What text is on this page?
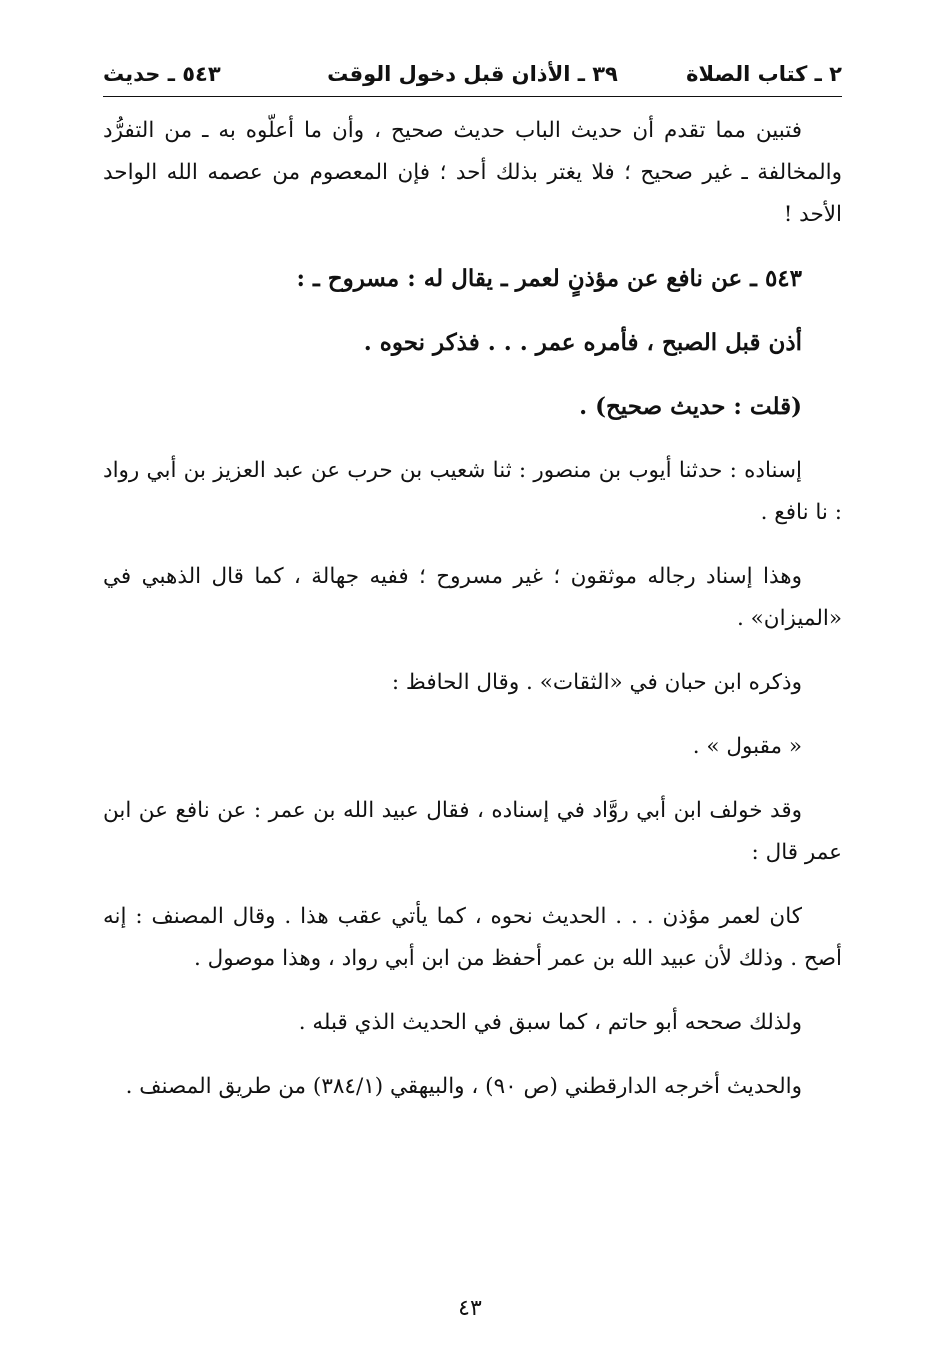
٢ ـ كتاب الصلاة
٣٩ ـ الأذان قبل دخول الوقت
٥٤٣ ـ حديث

فتبين مما تقدم أن حديث الباب حديث صحيح ، وأن ما أعلّوه به ـ من التفرُّد والمخالفة ـ غير صحيح ؛ فلا يغتر بذلك أحد ؛ فإن المعصوم من عصمه الله الواحد الأحد !

٥٤٣ ـ عن نافع عن مؤذنٍ لعمر ـ يقال له : مسروح ـ :

أذن قبل الصبح ، فأمره عمر . . . فذكر نحوه .

(قلت : حديث صحيح) .

إسناده : حدثنا أيوب بن منصور : ثنا شعيب بن حرب عن عبد العزيز بن أبي رواد : نا نافع .

وهذا إسناد رجاله موثقون ؛ غير مسروح ؛ ففيه جهالة ، كما قال الذهبي في «الميزان» .

وذكره ابن حبان في «الثقات» . وقال الحافظ :

« مقبول » .

وقد خولف ابن أبي روَّاد في إسناده ، فقال عبيد الله بن عمر : عن نافع عن ابن عمر قال :

كان لعمر مؤذن . . . الحديث نحوه ، كما يأتي عقب هذا . وقال المصنف : إنه أصح . وذلك لأن عبيد الله بن عمر أحفظ من ابن أبي رواد ، وهذا موصول .

ولذلك صححه أبو حاتم ، كما سبق في الحديث الذي قبله .

والحديث أخرجه الدارقطني (ص ٩٠) ، والبيهقي (٣٨٤/١) من طريق المصنف .

٤٣
